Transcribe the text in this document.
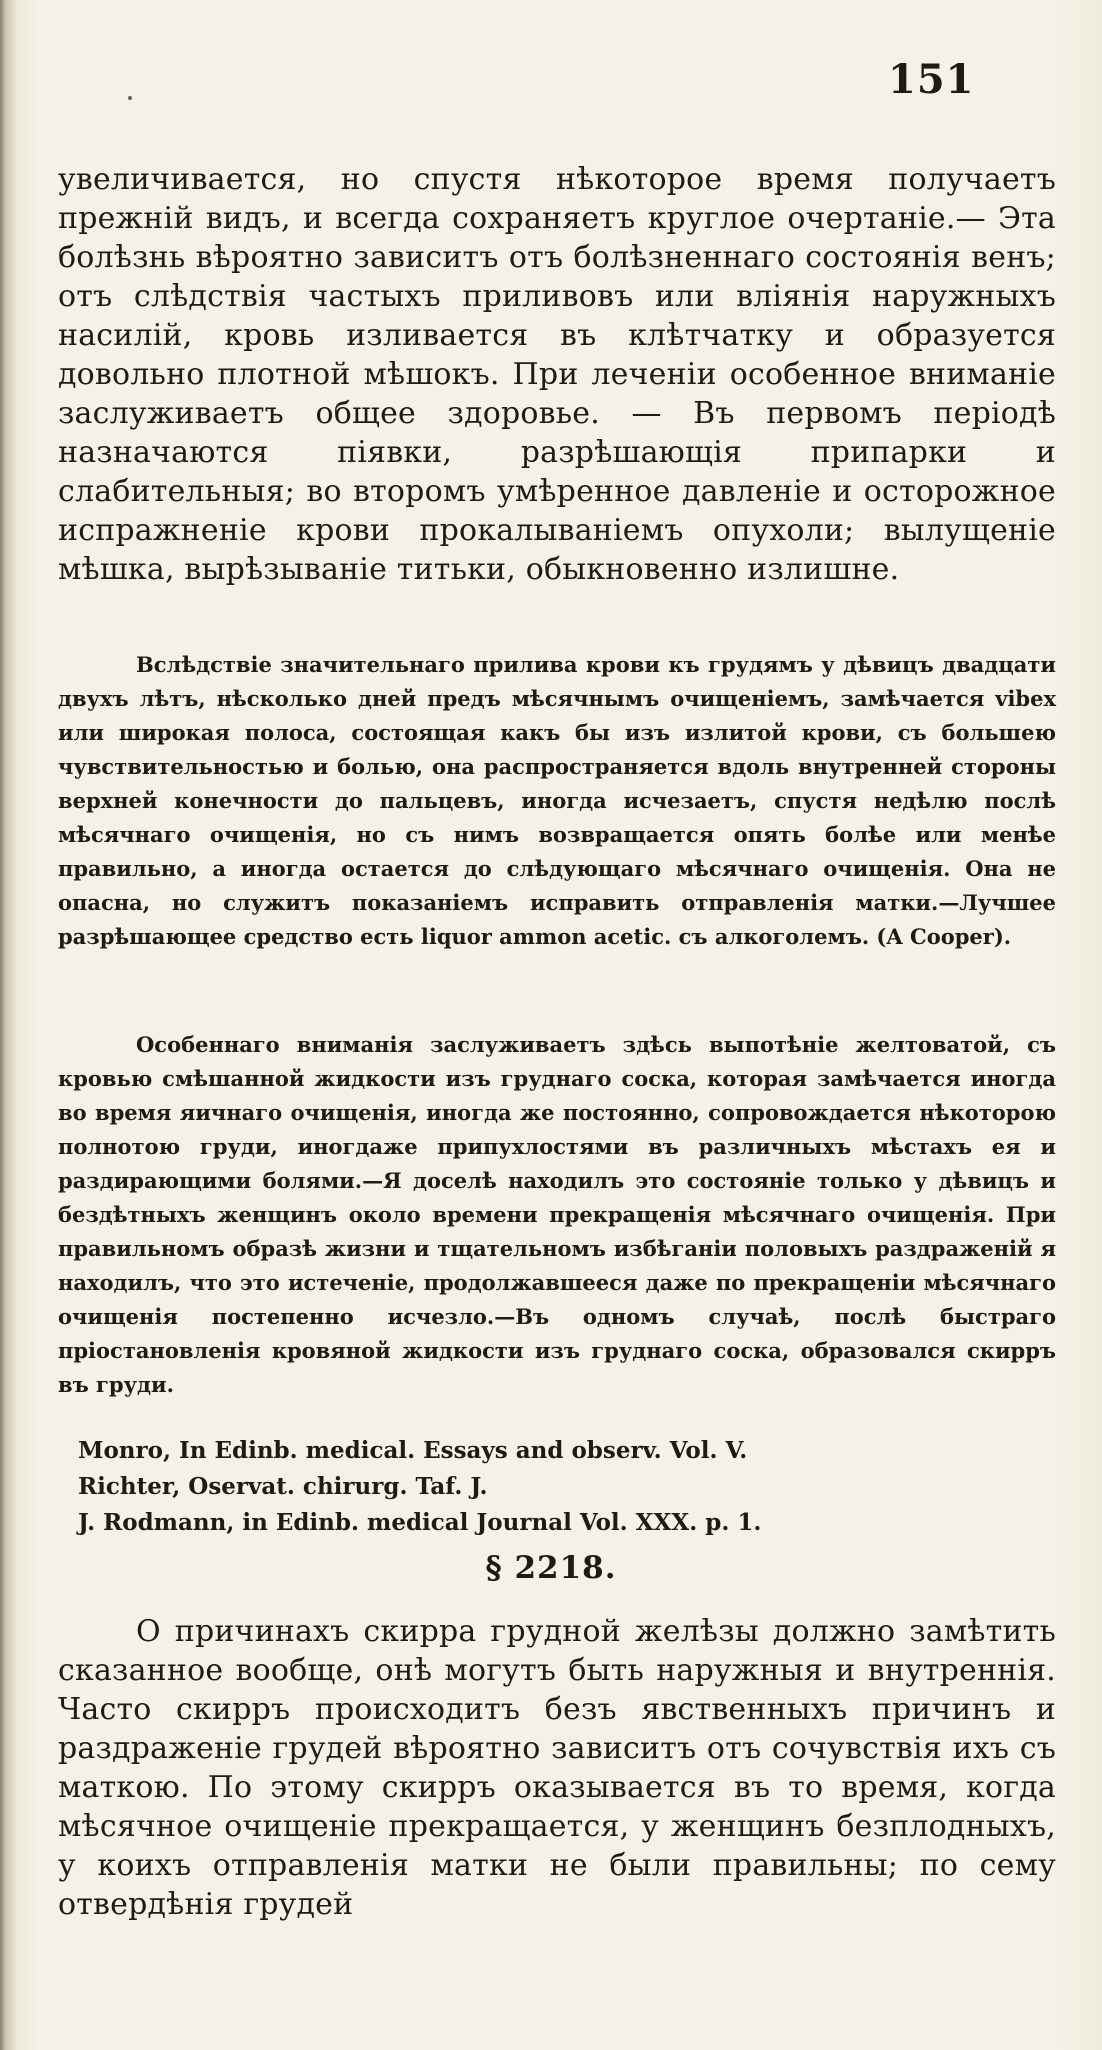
151

увеличивается, но спустя нѣкоторое время получаетъ прежній видъ, и всегда сохраняетъ круглое очертаніе.— Эта болѣзнь вѣроятно зависитъ отъ болѣзненнаго состоянія венъ; отъ слѣдствія частыхъ приливовъ или вліянія наружныхъ насилій, кровь изливается въ клѣтчатку и образуется довольно плотной мѣшокъ. При леченіи особенное вниманіе заслуживаетъ общее здоровье. — Въ первомъ періодѣ назначаются піявки, разрѣшающія припарки и слабительныя; во второмъ умѣренное давленіе и осторожное испражненіе крови прокалываніемъ опухоли; вылущеніе мѣшка, вырѣзываніе титьки, обыкновенно излишне.

Вслѣдствіе значительнаго прилива крови къ грудямъ у дѣвицъ двадцати двухъ лѣтъ, нѣсколько дней предъ мѣсячнымъ очищеніемъ, замѣчается vibex или широкая полоса, состоящая какъ бы изъ излитой крови, съ большею чувствительностью и болью, она распространяется вдоль внутренней стороны верхней конечности до пальцевъ, иногда исчезаетъ, спустя недѣлю послѣ мѣсячнаго очищенія, но съ нимъ возвращается опять болѣе или менѣе правильно, а иногда остается до слѣдующаго мѣсячнаго очищенія. Она не опасна, но служитъ показаніемъ исправить отправленія матки.—Лучшее разрѣшающее средство есть liquor ammon acetic. съ алкоголемъ. (A Cooper).

Особеннаго вниманія заслуживаетъ здѣсь выпотѣніе желтоватой, съ кровью смѣшанной жидкости изъ груднаго соска, которая замѣчается иногда во время яичнаго очищенія, иногда же постоянно, сопровождается нѣкоторою полнотою груди, иногдаже припухлостями въ различныхъ мѣстахъ ея и раздирающими болями.—Я доселѣ находилъ это состояніе только у дѣвицъ и бездѣтныхъ женщинъ около времени прекращенія мѣсячнаго очищенія. При правильномъ образѣ жизни и тщательномъ избѣганіи половыхъ раздраженій я находилъ, что это истеченіе, продолжавшееся даже по прекращеніи мѣсячнаго очищенія постепенно исчезло.—Въ одномъ случаѣ, послѣ быстраго пріостановленія кровяной жидкости изъ груднаго соска, образовался скирръ въ груди.

Monro, In Edinb. medical. Essays and observ. Vol. V.
Richter, Oservat. chirurg. Taf. J.
J. Rodmann, in Edinb. medical Journal Vol. XXX. p. 1.
§ 2218.

О причинахъ скирра грудной желѣзы должно замѣтить сказанное вообще, онѣ могутъ быть наружныя и внутреннія. Часто скирръ происходитъ безъ явственныхъ причинъ и раздраженіе грудей вѣроятно зависитъ отъ сочувствія ихъ съ маткою. По этому скирръ оказывается въ то время, когда мѣсячное очищеніе прекращается, у женщинъ безплодныхъ, у коихъ отправленія матки не были правильны; по сему отвердѣнія грудей
